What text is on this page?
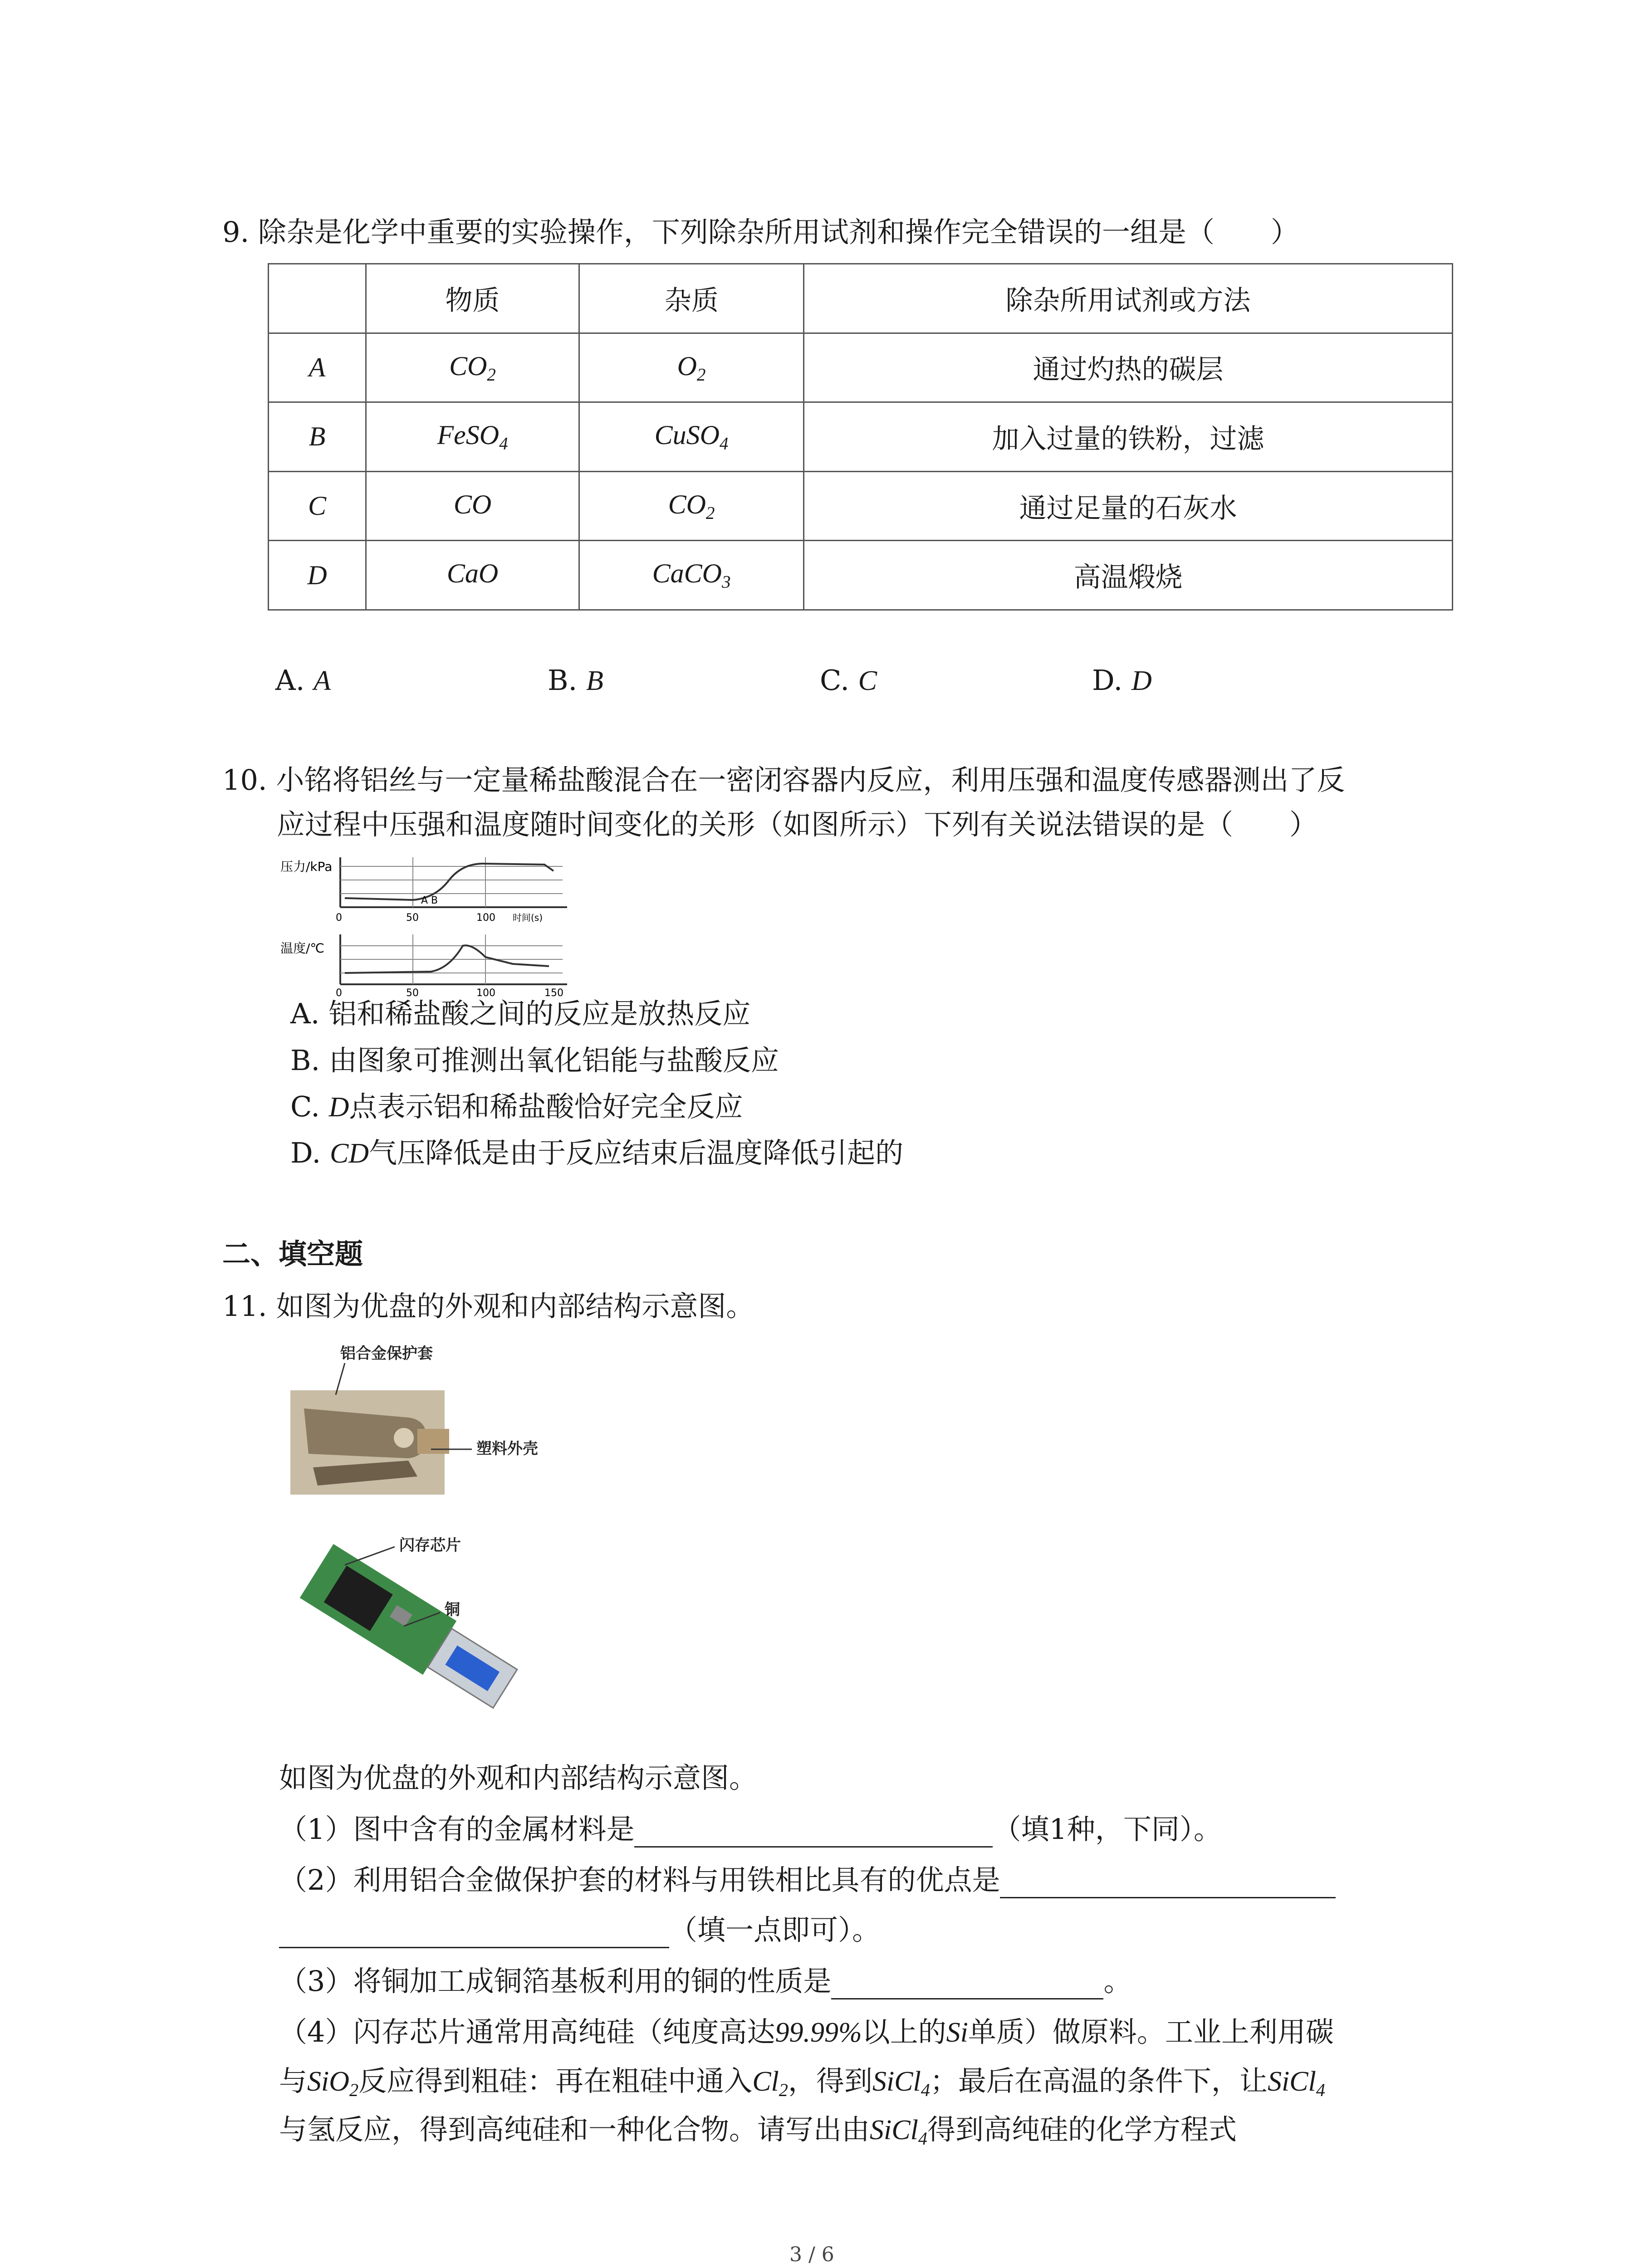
9. 除杂是化学中重要的实验操作，下列除杂所用试剂和操作完全错误的一组是（　　）
	物质	杂质	除杂所用试剂或方法
A	$CO_2$	$O_2$	通过灼热的碳层
B	FeSO$_4$	CuSO$_4$	加入过量的铁粉，过滤
C	CO	$CO_2$	通过足量的石灰水
D	CaO	CaCO$_3$	高温煅烧
A. A	B. B	C. C	D. D
10. 小铭将铝丝与一定量稀盐酸混合在一密闭容器内反应，利用压强和温度传感器测出了反
应过程中压强和温度随时间变化的关形（如图所示）下列有关说法错误的是（　　）
压力/kPa
A B
0	50	100 时间(s)
温度/℃
0	50	100	150
A. 铝和稀盐酸之间的反应是放热反应
B. 由图象可推测出氧化铝能与盐酸反应
C. D点表示铝和稀盐酸恰好完全反应
D. CD气压降低是由于反应结束后温度降低引起的
二、填空题
11. 如图为优盘的外观和内部结构示意图。
铝合金保护套
塑料外壳
闪存芯片
铜
如图为优盘的外观和内部结构示意图。
（1）图中含有的金属材料是	（填1种，下同）。
（2）利用铝合金做保护套的材料与用铁相比具有的优点是
（填一点即可）。
（3）将铜加工成铜箔基板利用的铜的性质是	。
（4）闪存芯片通常用高纯硅（纯度高达99.99%以上的Si单质）做原料。工业上利用碳
与SiO$_2$反应得到粗硅：再在粗硅中通入$Cl_2$，得到SiCl$_4$；最后在高温的条件下，让SiCl$_4$
与氢反应，得到高纯硅和一种化合物。请写出由SiCl$_4$得到高纯硅的化学方程式
3 / 6
